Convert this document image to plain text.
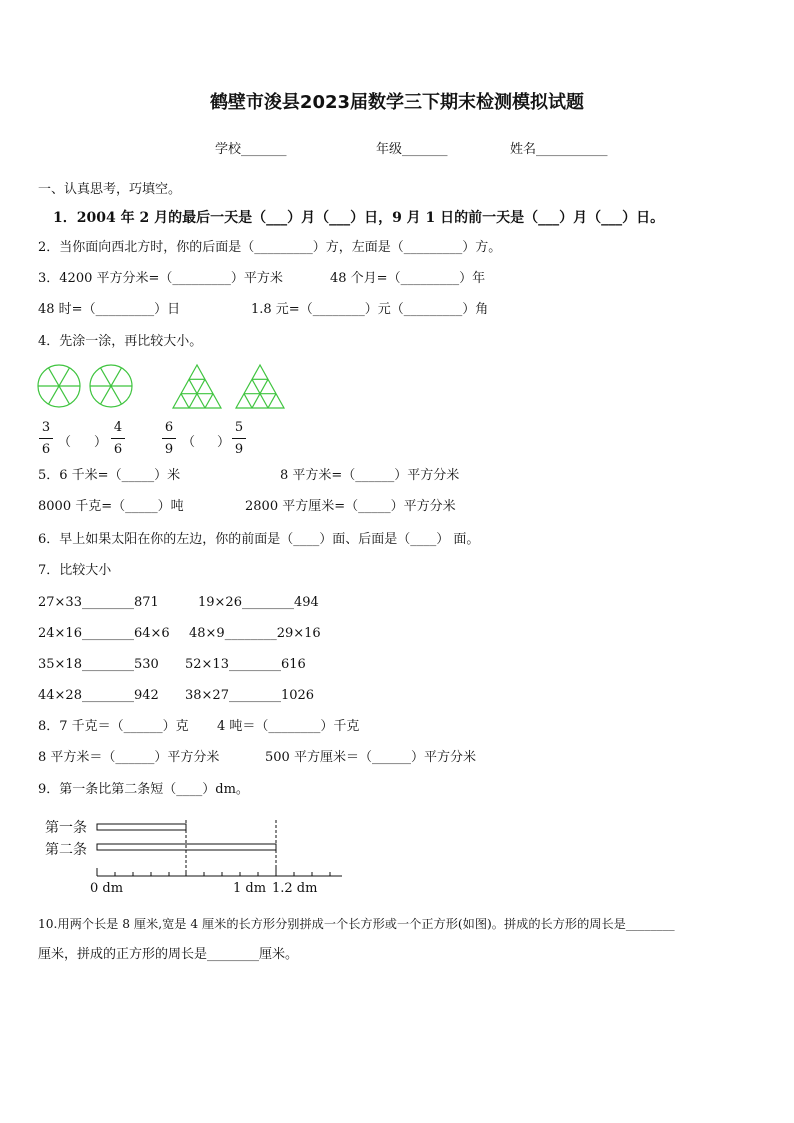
鹤壁市浚县2023届数学三下期末检测模拟试题
学校_______	年级_______	姓名___________
一、认真思考，巧填空。
1．2004 年 2 月的最后一天是（___）月（___）日，9 月 1 日的前一天是（___）月（___）日。
2．当你面向西北方时，你的后面是（_________）方，左面是（_________）方。
3．4200 平方分米=（_________）平方米	48 个月=（_________）年
48 时=（_________）日	1.8 元=（________）元（_________）角
4．先涂一涂，再比较大小。
3
6 （ ）
4
6
6
9 （ ）
5
9
5．6 千米=（_____）米	8 平方米=（______）平方分米
8000 千克=（_____）吨	2800 平方厘米=（_____）平方分米
6．早上如果太阳在你的左边，你的前面是（____）面、后面是（____） 面。
7．比较大小
27×33________871	19×26________494
24×16________64×6 48×9________29×16
35×18________530 52×13________616
44×28________942 38×27________1026
8．7 千克＝（______）克 4 吨＝（________）千克
8 平方米＝（______）平方分米	500 平方厘米＝（______）平方分米
9．第一条比第二条短（____）dm。
第一条
第二条
0 dm	1 dm 1.2 dm
10.用两个长是 8 厘米,宽是 4 厘米的长方形分别拼成一个长方形或一个正方形(如图)。拼成的长方形的周长是________
厘米，拼成的正方形的周长是________厘米。
